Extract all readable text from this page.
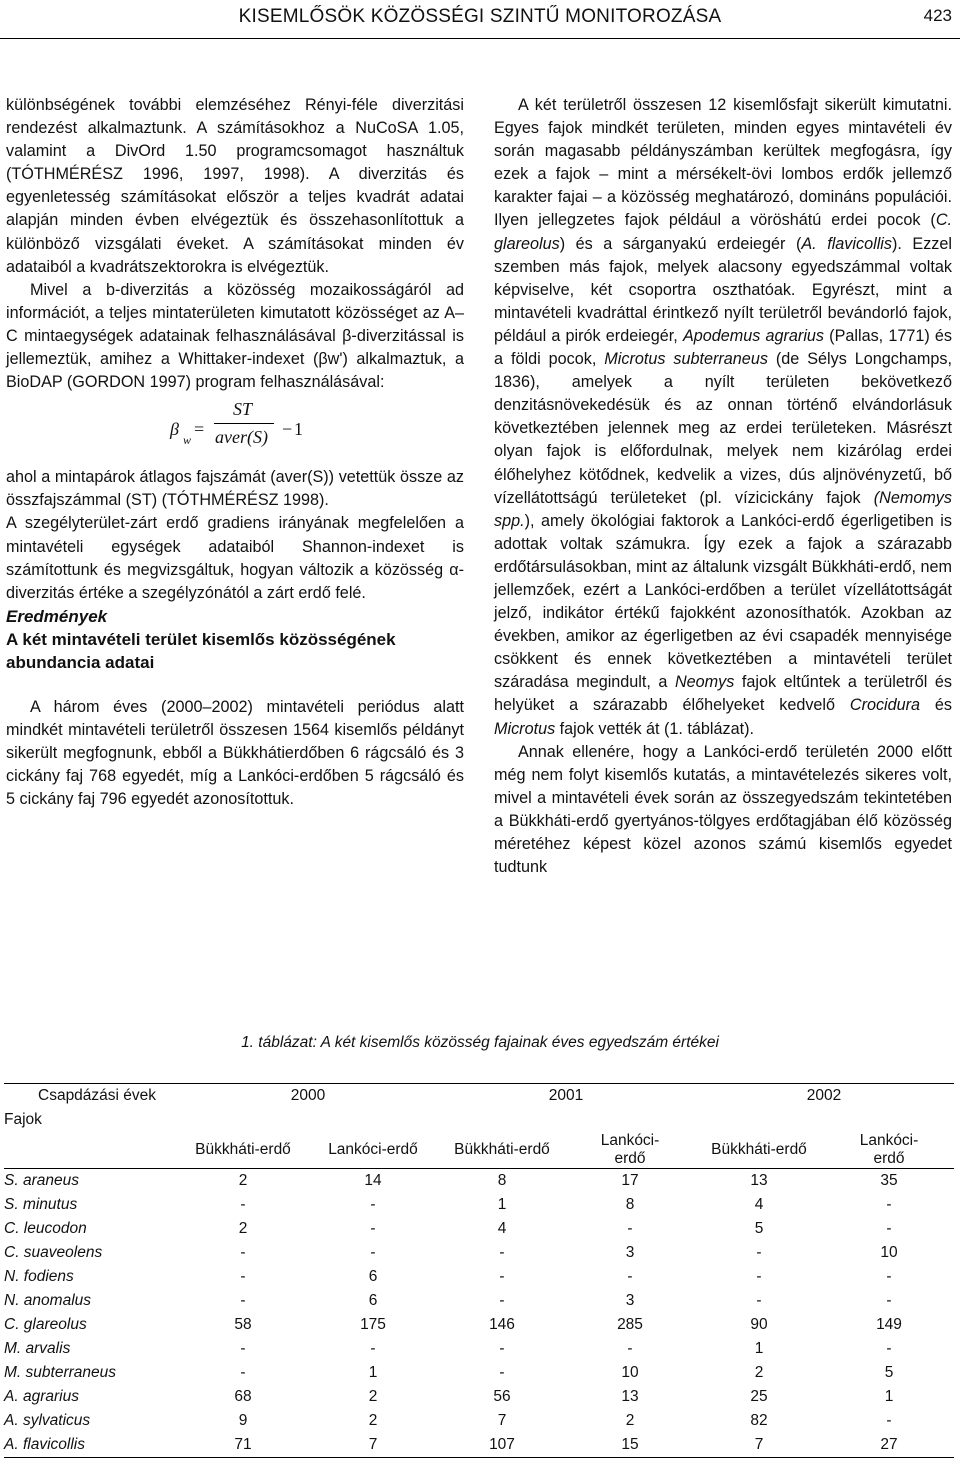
KISEMLŐSÖK KÖZÖSSÉGI SZINTŰ MONITOROZÁSA	423

különbségének további elemzéséhez Rényi-féle diverzitási rendezést alkalmaztunk. A számításokhoz a NuCoSA 1.05, valamint a DivOrd 1.50 programcsomagot használtuk (TÓTHMÉRÉSZ 1996, 1997, 1998). A diverzitás és egyenletesség számításokat először a teljes kvadrát adatai alapján minden évben elvégeztük és összehasonlítottuk a különböző vizsgálati éveket. A számításokat minden év adataiból a kvadrátszektorokra is elvégeztük.

Mivel a b-diverzitás a közösség mozaikosságáról ad információt, a teljes mintaterületen kimutatott közösséget az A–C mintaegységek adatainak felhasználásával β-diverzitással is jellemeztük, amihez a Whittaker-indexet (βw') alkalmaztuk, a BioDAP (GORDON 1997) program felhasználásával:

β
w
=
ST
aver(S) − 1

ahol a mintapárok átlagos fajszámát (aver(S)) vetettük össze az összfajszámmal (ST) (TÓTHMÉRÉSZ 1998).

A szegélyterület-zárt erdő gradiens irányának megfelelően a mintavételi egységek adataiból Shannon-indexet is számítottunk és megvizsgáltuk, hogyan változik a közösség α-diverzitás értéke a szegélyzónától a zárt erdő felé.

Eredmények

A két mintavételi terület kisemlős közösségének abundancia adatai

A három éves (2000–2002) mintavételi periódus alatt mindkét mintavételi területről összesen 1564 kisemlős példányt sikerült megfognunk, ebből a Bükkhátierdőben 6 rágcsáló és 3 cickány faj 768 egyedét, míg a Lankóci-erdőben 5 rágcsáló és 5 cickány faj 796 egyedét azonosítottuk.

A két területről összesen 12 kisemlősfajt sikerült kimutatni. Egyes fajok mindkét területen, minden egyes mintavételi év során magasabb példányszámban kerültek megfogásra, így ezek a fajok – mint a mérsékelt-övi lombos erdők jellemző karakter fajai – a közösség meghatározó, domináns populációi. Ilyen jellegzetes fajok például a vöröshátú erdei pocok (C. glareolus) és a sárganyakú erdeiegér (A. flavicollis). Ezzel szemben más fajok, melyek alacsony egyedszámmal voltak képviselve, két csoportra oszthatóak. Egyrészt, mint a mintavételi kvadráttal érintkező nyílt területről bevándorló fajok, például a pirók erdeiegér, Apodemus agrarius (Pallas, 1771) és a földi pocok, Microtus subterraneus (de Sélys Longchamps, 1836), amelyek a nyílt területen bekövetkező denzitásnövekedésük és az onnan történő elvándorlásuk következtében jelennek meg az erdei területeken. Másrészt olyan fajok is előfordulnak, melyek nem kizárólag erdei élőhelyhez kötődnek, kedvelik a vizes, dús aljnövényzetű, bő vízellátottságú területeket (pl. vízicickány fajok (Nemomys spp.), amely ökológiai faktorok a Lankóci-erdő égerligetiben is adottak voltak számukra. Így ezek a fajok a szárazabb erdőtársulásokban, mint az általunk vizsgált Bükkháti-erdő, nem jellemzőek, ezért a Lankóci-erdőben a terület vízellátottságát jelző, indikátor értékű fajokként azonosíthatók. Azokban az években, amikor az égerligetben az évi csapadék mennyisége csökkent és ennek következtében a mintavételi terület száradása megindult, a Neomys fajok eltűntek a területről és helyüket a szárazabb élőhelyeket kedvelő Crocidura és Microtus fajok vették át (1. táblázat).

Annak ellenére, hogy a Lankóci-erdő területén 2000 előtt még nem folyt kisemlős kutatás, a mintavételezés sikeres volt, mivel a mintavételi évek során az összegyedszám tekintetében a Bükkháti-erdő gyertyános-tölgyes erdőtagjában élő közösség méretéhez képest közel azonos számú kisemlős egyedet tudtunk

1. táblázat: A két kisemlős közösség fajainak éves egyedszám értékei
Csapdázási évek	2000		2001		2002	
Fajok						
	Bükkháti-erdő	Lankóci-erdő	Bükkháti-erdő	Lankóci-
erdő	Bükkháti-erdő	Lankóci-
erdő
S. araneus	2	14	8	17	13	35
S. minutus	-	-	1	8	4	-
C. leucodon	2	-	4	-	5	-
C. suaveolens	-	-	-	3	-	10
N. fodiens	-	6	-	-	-	-
N. anomalus	-	6	-	3	-	-
C. glareolus	58	175	146	285	90	149
M. arvalis	-	-	-	-	1	-
M. subterraneus	-	1	-	10	2	5
A. agrarius	68	2	56	13	25	1
A. sylvaticus	9	2	7	2	82	-
A. flavicollis	71	7	107	15	7	27
